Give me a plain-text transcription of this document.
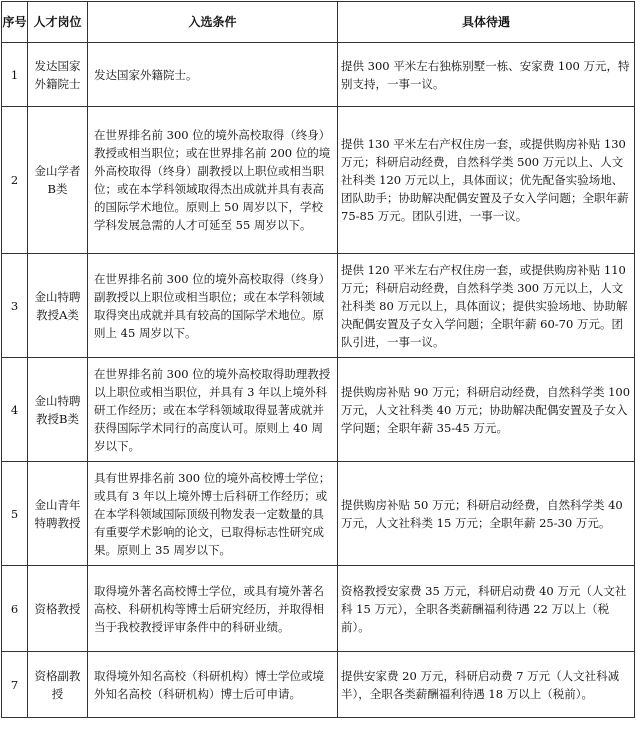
序号	人才岗位	入选条件	具体待遇
1	发达国家外籍院士	发达国家外籍院士。	提供 300 平米左右独栋别墅一栋、安家费 100 万元，特别支持，一事一议。
2	金山学者B类	在世界排名前 300 位的境外高校取得（终身）教授或相当职位；或在世界排名前 200 位的境外高校取得（终身）副教授以上职位或相当职位；或在本学科领域取得杰出成就并具有表高的国际学术地位。原则上 50 周岁以下，学校学科发展急需的人才可延至 55 周岁以下。	提供 130 平米左右产权住房一套，或提供购房补贴 130 万元；科研启动经费，自然科学类 500 万元以上、人文社科类 120 万元以上，具体面议；优先配备实验场地、团队助手；协助解决配偶安置及子女入学问题；全职年薪 75-85 万元。团队引进，一事一议。
3	金山特聘教授A类	在世界排名前 300 位的境外高校取得（终身）副教授以上职位或相当职位；或在本学科领域取得突出成就并具有较高的国际学术地位。原则上 45 周岁以下。	提供 120 平米左右产权住房一套，或提供购房补贴 110 万元；科研启动经费，自然科学类 300 万元以上，人文社科类 80 万元以上，具体面议；提供实验场地、协助解决配偶安置及子女入学问题；全职年薪 60-70 万元。团队引进，一事一议。
4	金山特聘教授B类	在世界排名前 300 位的境外高校取得助理教授以上职位或相当职位，并具有 3 年以上境外科研工作经历；或在本学科领域取得显著成就并获得国际学术同行的高度认可。原则上 40 周岁以下。	提供购房补贴 90 万元；科研启动经费，自然科学类 100 万元，人文社科类 40 万元；协助解决配偶安置及子女入学问题；全职年薪 35-45 万元。
5	金山青年特聘教授	具有世界排名前 300 位的境外高校博士学位；或具有 3 年以上境外博士后科研工作经历；或在本学科领域国际顶级刊物发表一定数量的具有重要学术影响的论文，已取得标志性研究成果。原则上 35 周岁以下。	提供购房补贴 50 万元；科研启动经费，自然科学类 40 万元，人文社科类 15 万元；全职年薪 25-30 万元。
6	资格教授	取得境外著名高校博士学位，或具有境外著名高校、科研机构等博士后研究经历，并取得相当于我校教授评审条件中的科研业绩。	资格教授安家费 35 万元，科研启动费 40 万元（人文社科 15 万元），全职各类薪酬福利待遇 22 万以上（税前）。
7	资格副教授	取得境外知名高校（科研机构）博士学位或境外知名高校（科研机构）博士后可申请。	提供安家费 20 万元，科研启动费 7 万元（人文社科减半），全职各类薪酬福利待遇 18 万以上（税前）。
